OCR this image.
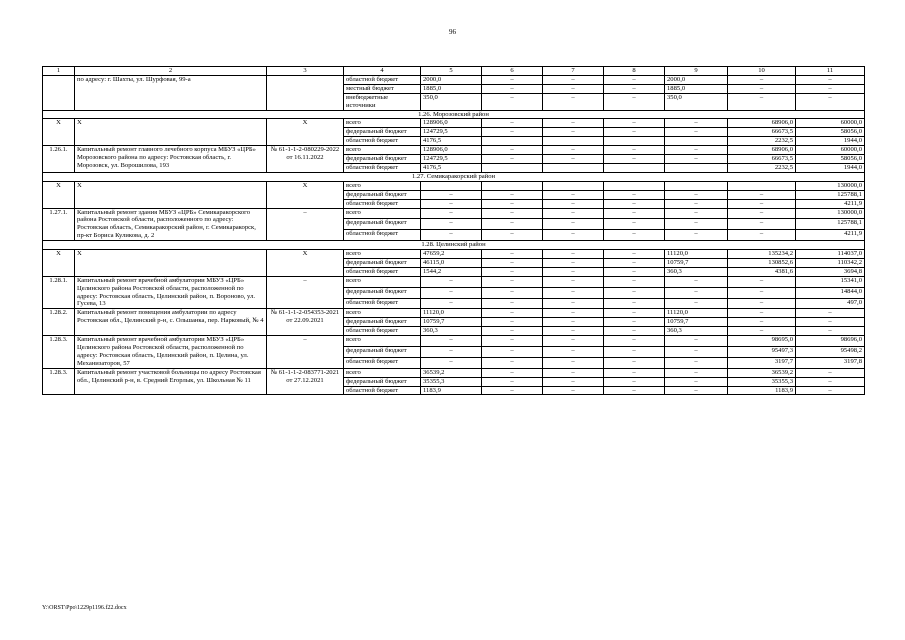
96
1	2	3	4	5	6	7	8	9	10	11
	по адресу: г. Шахты, ул. Шурфовая, 99-а		областной бюджет	2000,0	–	–	–	2000,0	–	–
			местный бюджет	1885,0	–	–	–	1885,0	–	–
			внебюджетные источники	350,0	–	–	–	350,0	–	–
1.26. Морозовский район										
Х	Х	Х	всего	128906,0	–	–	–	–	68906,0	60000,0
			федеральный бюджет	124729,5	–	–	–	–	66673,5	58056,0
			областной бюджет	4176,5					2232,5	1944,0
1.26.1.	Капитальный ремонт главного лечебного корпуса МБУЗ «ЦРБ» Морозовского района по адресу: Ростовская область, г. Морозовск, ул. Ворошилова, 193	№ 61-1-1-2-080229-2022 от 16.11.2022	всего	128906,0	–	–	–	–	68906,0	60000,0
			федеральный бюджет	124729,5	–	–	–	–	66673,5	58056,0
			областной бюджет	4176,5					2232,5	1944,0
1.27. Семикаракорский район										
Х	Х	Х	всего							130000,0
			федеральный бюджет	–	–	–	–	–	–	125788,1
			областной бюджет	–	–	–	–	–	–	4211,9
1.27.1.	Капитальный ремонт здания МБУЗ «ЦРБ» Семикаракорского района Ростовской области, расположенного по адресу: Ростовская область, Семикаракорский район, г. Семикаракорск, пр-кт Бориса Куликова, д. 2	–	всего	–	–	–	–	–	–	130000,0
			федеральный бюджет	–	–	–	–	–	–	125788,1
			областной бюджет	–	–	–	–	–	–	4211,9
1.28. Целинский район										
Х	Х	Х	всего	47659,2	–	–	–	11120,0	135234,2	114037,0
			федеральный бюджет	46115,0	–	–	–	10759,7	130852,6	110342,2
			областной бюджет	1544,2	–	–	–	360,3	4381,6	3694,8
1.28.1.	Капитальный ремонт врачебной амбулатории МБУЗ «ЦРБ» Целинского района Ростовской области, расположенной по адресу: Ростовская область, Целинский район, п. Вороново, ул. Гусева, 13	–	всего	–	–	–	–	–	–	15341,0
			федеральный бюджет	–	–	–	–	–	–	14844,0
			областной бюджет	–	–	–	–	–	–	497,0
1.28.2.	Капитальный ремонт помещения амбулатории по адресу Ростовская обл., Целинский р-н, с. Ольшанка, пер. Нарковый, № 4	№ 61-1-1-2-054353-2021 от 22.09.2021	всего	11120,0	–	–	–	11120,0	–	–
			федеральный бюджет	10759,7	–	–	–	10759,7	–	–
			областной бюджет	360,3	–	–	–	360,3	–	–
1.28.3.	Капитальный ремонт врачебной амбулатории МБУЗ «ЦРБ» Целинского района Ростовской области, расположенной по адресу: Ростовская область, Целинский район, п. Целина, ул. Механизаторов, 57	–	всего	–	–	–	–	–	98695,0	98696,0
			федеральный бюджет	–	–	–	–	–	95497,3	95498,2
			областной бюджет	–	–	–	–	–	3197,7	3197,8
1.28.3.	Капитальный ремонт участковой больницы по адресу Ростовская обл., Целинский р-н, в. Средний Егорлык, ул. Школьная № 11	№ 61-1-1-2-083771-2021 от 27.12.2021	всего	36539,2	–	–	–	–	36539,2	–
			федеральный бюджет	35355,3	–	–	–	–	35355,3	–
			областной бюджет	1183,9	–	–	–	–	1183,9	–
Y:\ORST\Ppo\1229p1196.f22.docx
